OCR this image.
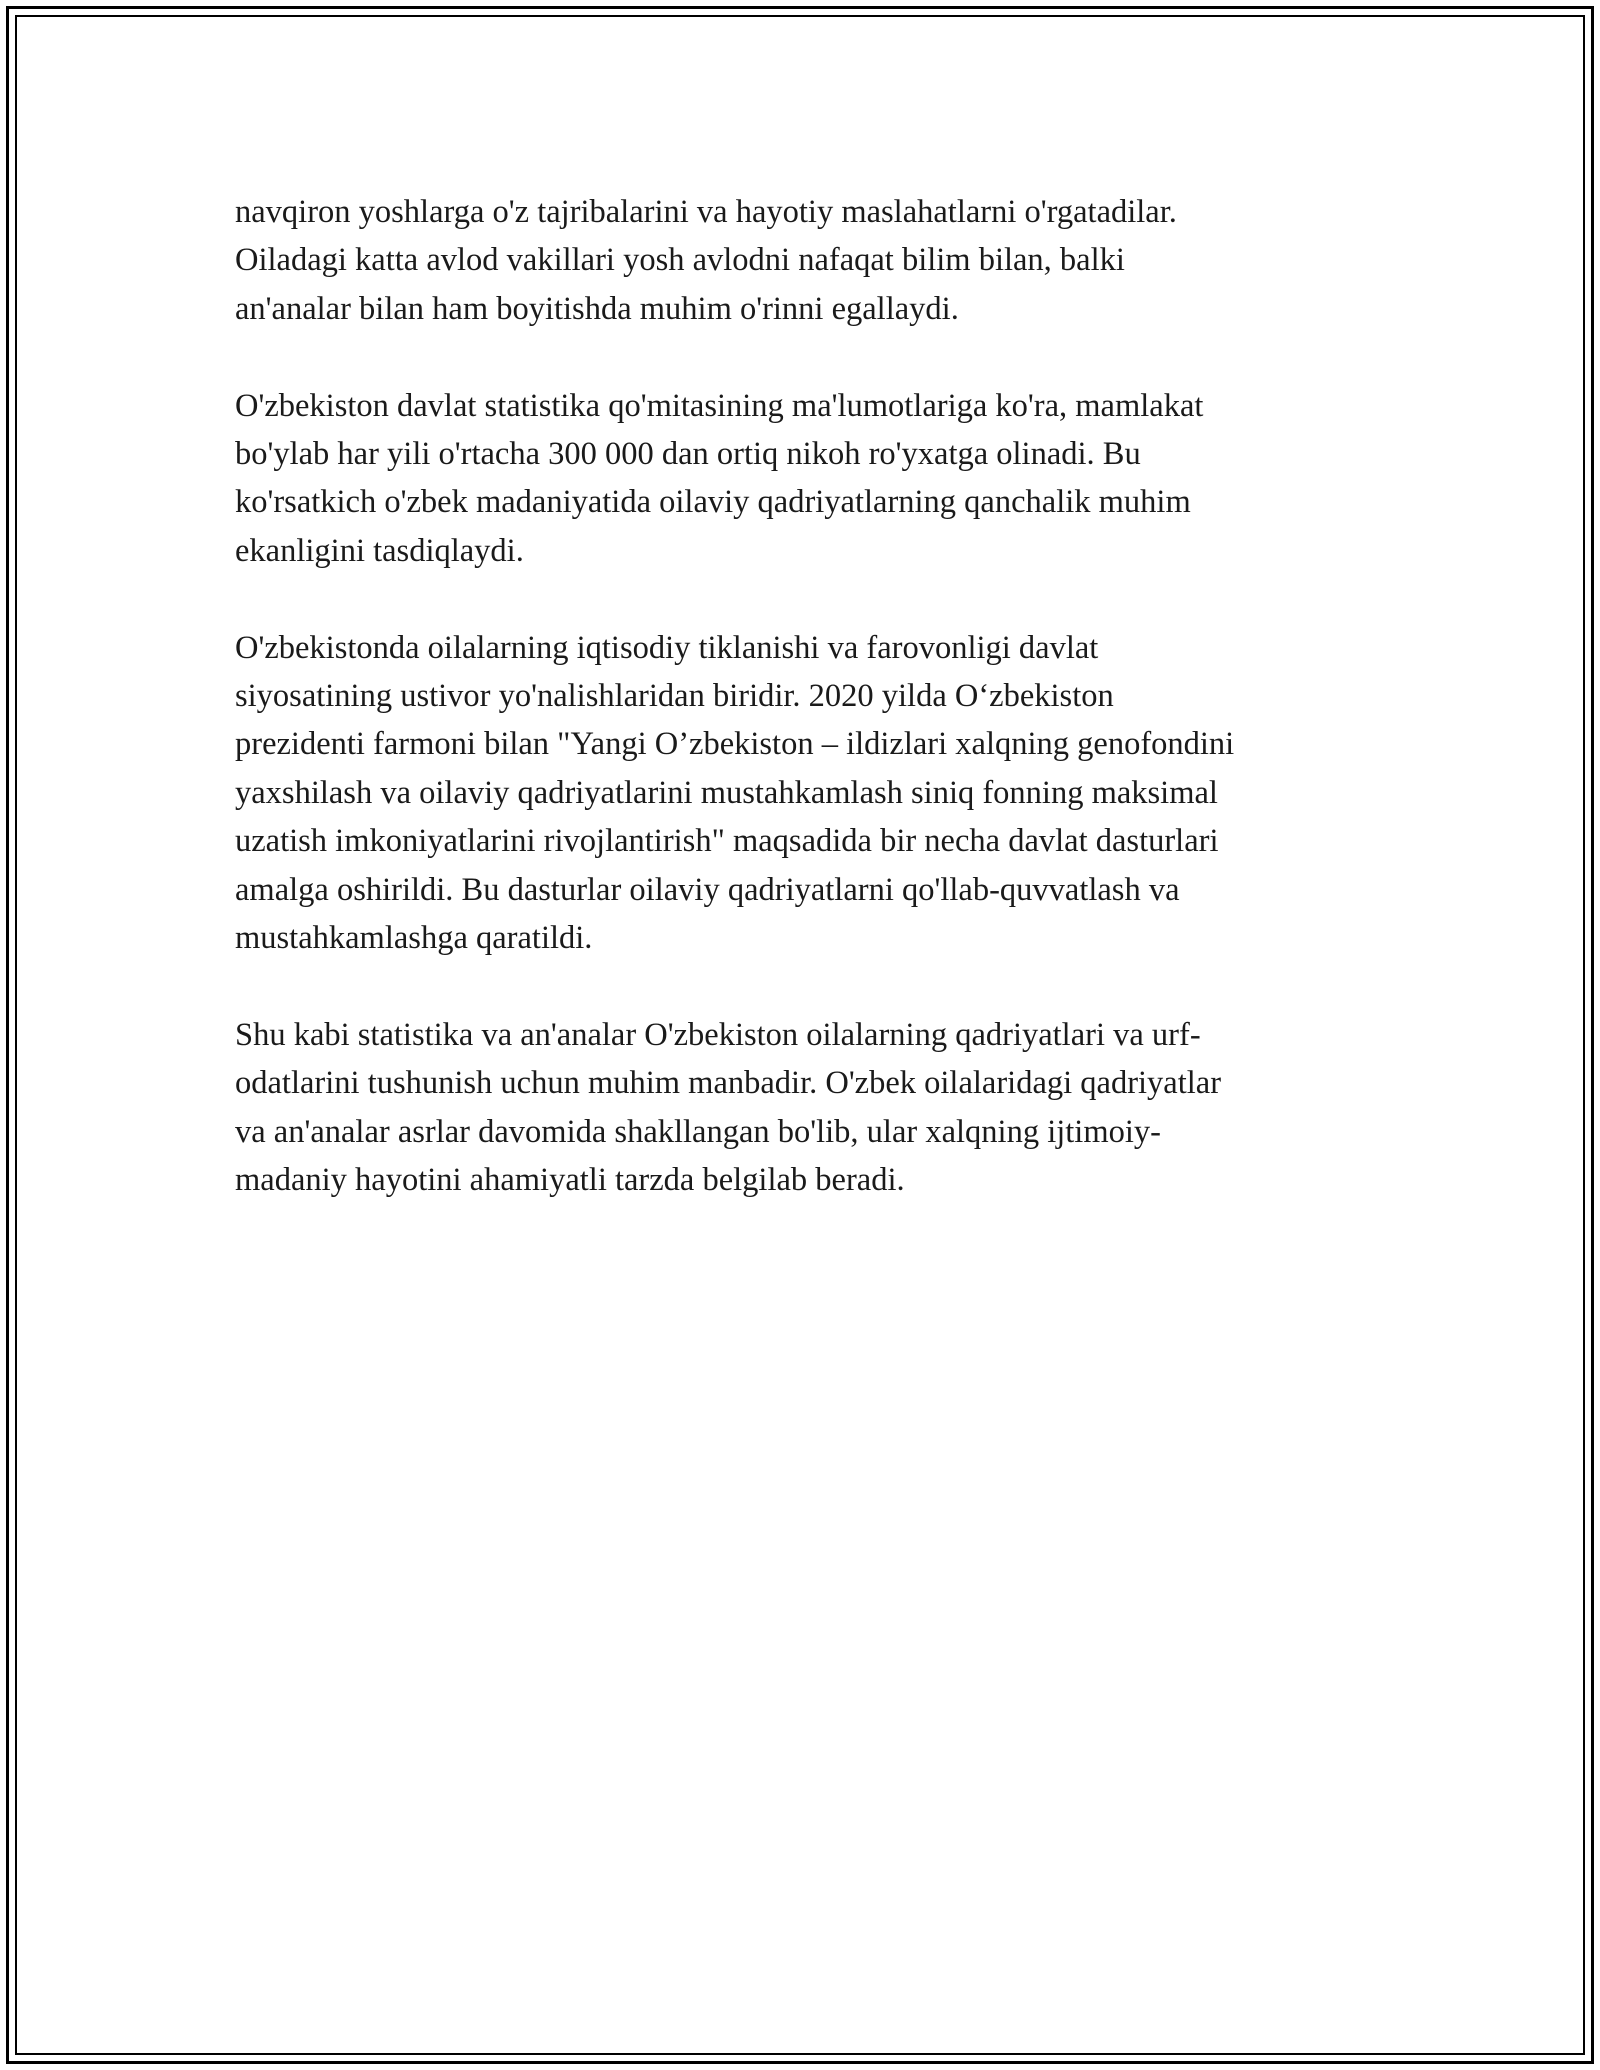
navqiron yoshlarga o'z tajribalarini va hayotiy maslahatlarni o'rgatadilar.
Oiladagi katta avlod vakillari yosh avlodni nafaqat bilim bilan, balki
an'analar bilan ham boyitishda muhim o'rinni egallaydi.

O'zbekiston davlat statistika qo'mitasining ma'lumotlariga ko'ra, mamlakat
bo'ylab har yili o'rtacha 300 000 dan ortiq nikoh ro'yxatga olinadi. Bu
ko'rsatkich o'zbek madaniyatida oilaviy qadriyatlarning qanchalik muhim
ekanligini tasdiqlaydi.

O'zbekistonda oilalarning iqtisodiy tiklanishi va farovonligi davlat
siyosatining ustivor yo'nalishlaridan biridir. 2020 yilda O‘zbekiston
prezidenti farmoni bilan "Yangi O’zbekiston – ildizlari xalqning genofondini
yaxshilash va oilaviy qadriyatlarini mustahkamlash siniq fonning maksimal
uzatish imkoniyatlarini rivojlantirish" maqsadida bir necha davlat dasturlari
amalga oshirildi. Bu dasturlar oilaviy qadriyatlarni qo'llab-quvvatlash va
mustahkamlashga qaratildi.

Shu kabi statistika va an'analar O'zbekiston oilalarning qadriyatlari va urf-
odatlarini tushunish uchun muhim manbadir. O'zbek oilalaridagi qadriyatlar
va an'analar asrlar davomida shakllangan bo'lib, ular xalqning ijtimoiy-
madaniy hayotini ahamiyatli tarzda belgilab beradi.
